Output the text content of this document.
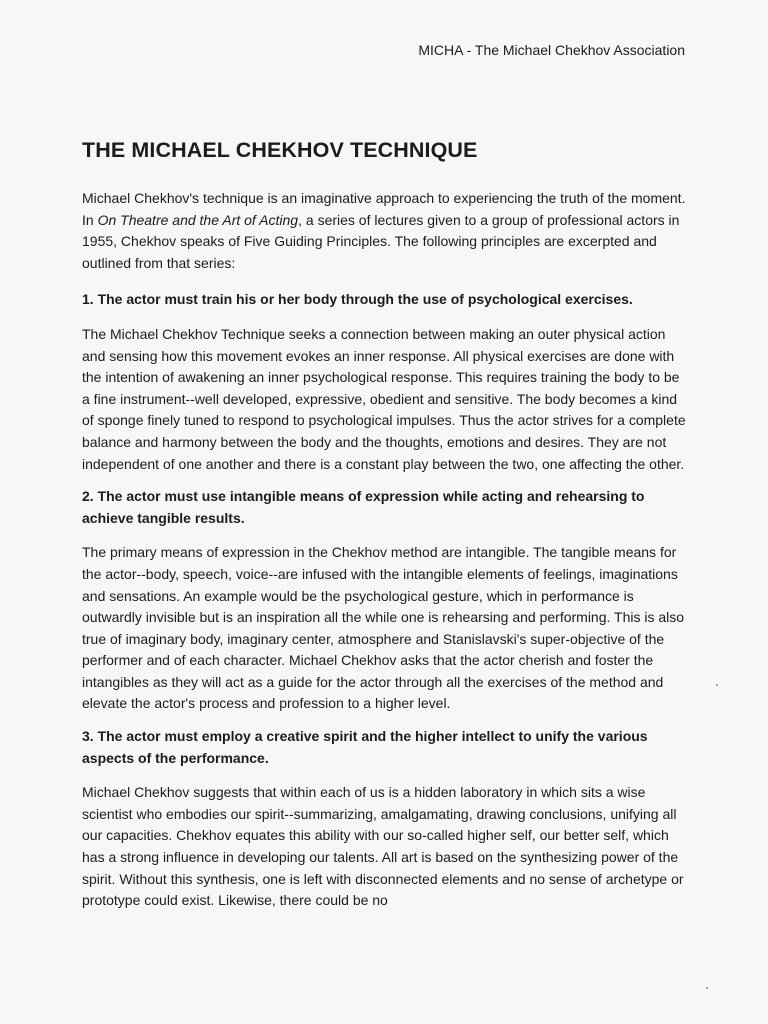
MICHA - The Michael Chekhov Association
THE MICHAEL CHEKHOV TECHNIQUE

Michael Chekhov's technique is an imaginative approach to experiencing the truth of the moment. In On Theatre and the Art of Acting, a series of lectures given to a group of professional actors in 1955, Chekhov speaks of Five Guiding Principles. The following principles are excerpted and outlined from that series:

1. The actor must train his or her body through the use of psychological exercises.

The Michael Chekhov Technique seeks a connection between making an outer physical action and sensing how this movement evokes an inner response. All physical exercises are done with the intention of awakening an inner psychological response. This requires training the body to be a fine instrument--well developed, expressive, obedient and sensitive. The body becomes a kind of sponge finely tuned to respond to psychological impulses. Thus the actor strives for a complete balance and harmony between the body and the thoughts, emotions and desires. They are not independent of one another and there is a constant play between the two, one affecting the other.

2. The actor must use intangible means of expression while acting and rehearsing to achieve tangible results.

The primary means of expression in the Chekhov method are intangible. The tangible means for the actor--body, speech, voice--are infused with the intangible elements of feelings, imaginations and sensations. An example would be the psychological gesture, which in performance is outwardly invisible but is an inspiration all the while one is rehearsing and performing. This is also true of imaginary body, imaginary center, atmosphere and Stanislavski's super-objective of the performer and of each character. Michael Chekhov asks that the actor cherish and foster the intangibles as they will act as a guide for the actor through all the exercises of the method and elevate the actor's process and profession to a higher level.

3. The actor must employ a creative spirit and the higher intellect to unify the various aspects of the performance.

Michael Chekhov suggests that within each of us is a hidden laboratory in which sits a wise scientist who embodies our spirit--summarizing, amalgamating, drawing conclusions, unifying all our capacities. Chekhov equates this ability with our so-called higher self, our better self, which has a strong influence in developing our talents. All art is based on the synthesizing power of the spirit. Without this synthesis, one is left with disconnected elements and no sense of archetype or prototype could exist. Likewise, there could be no
